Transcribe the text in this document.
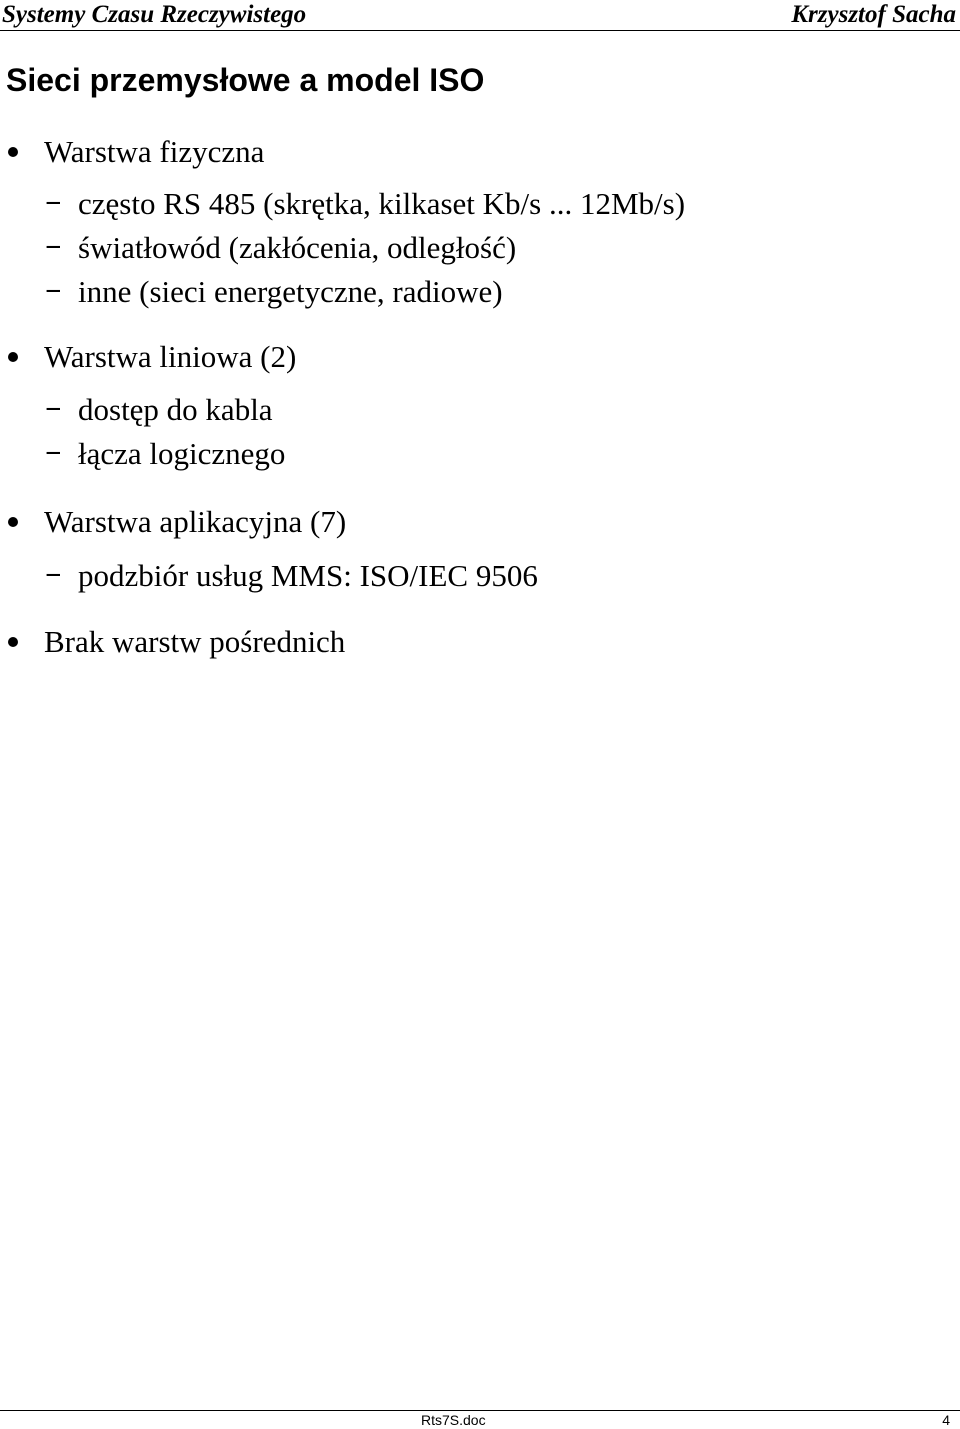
Systemy Czasu Rzeczywistego	Krzysztof Sacha
Sieci przemysłowe a model ISO
Warstwa fizyczna
– często RS 485 (skrętka, kilkaset Kb/s ... 12Mb/s)
– światłowód (zakłócenia, odległość)
– inne (sieci energetyczne, radiowe)
Warstwa liniowa (2)
– dostęp do kabla
– łącza logicznego
Warstwa aplikacyjna (7)
– podzbiór usług MMS: ISO/IEC 9506
Brak warstw pośrednich
Rts7S.doc	4
